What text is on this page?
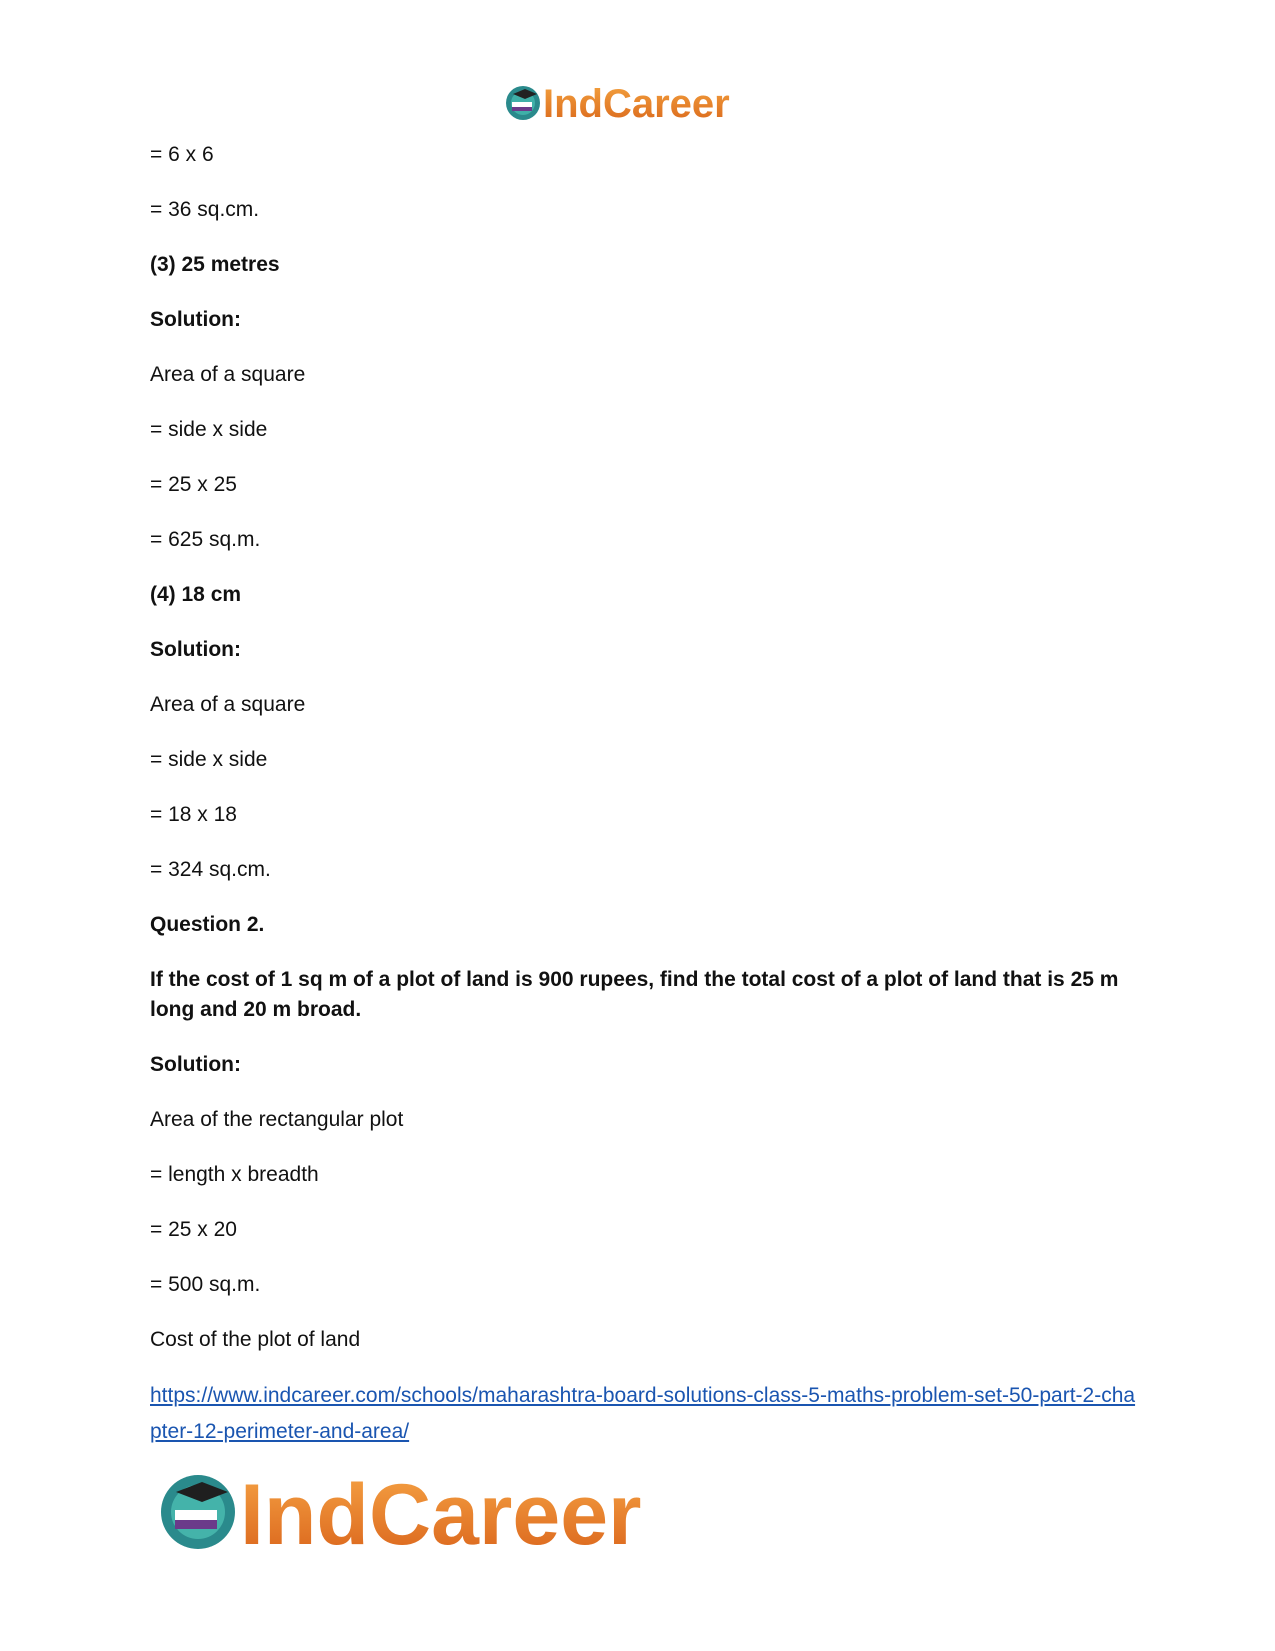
IndCareer
= 6 x 6
= 36 sq.cm.
(3) 25 metres
Solution:
Area of a square
= side x side
= 25 x 25
= 625 sq.m.
(4) 18 cm
Solution:
Area of a square
= side x side
= 18 x 18
= 324 sq.cm.
Question 2.
If the cost of 1 sq m of a plot of land is 900 rupees, find the total cost of a plot of land that is 25 m long and 20 m broad.
Solution:
Area of the rectangular plot
= length x breadth
= 25 x 20
= 500 sq.m.
Cost of the plot of land
https://www.indcareer.com/schools/maharashtra-board-solutions-class-5-maths-problem-set-50-part-2-chapter-12-perimeter-and-area/
IndCareer
